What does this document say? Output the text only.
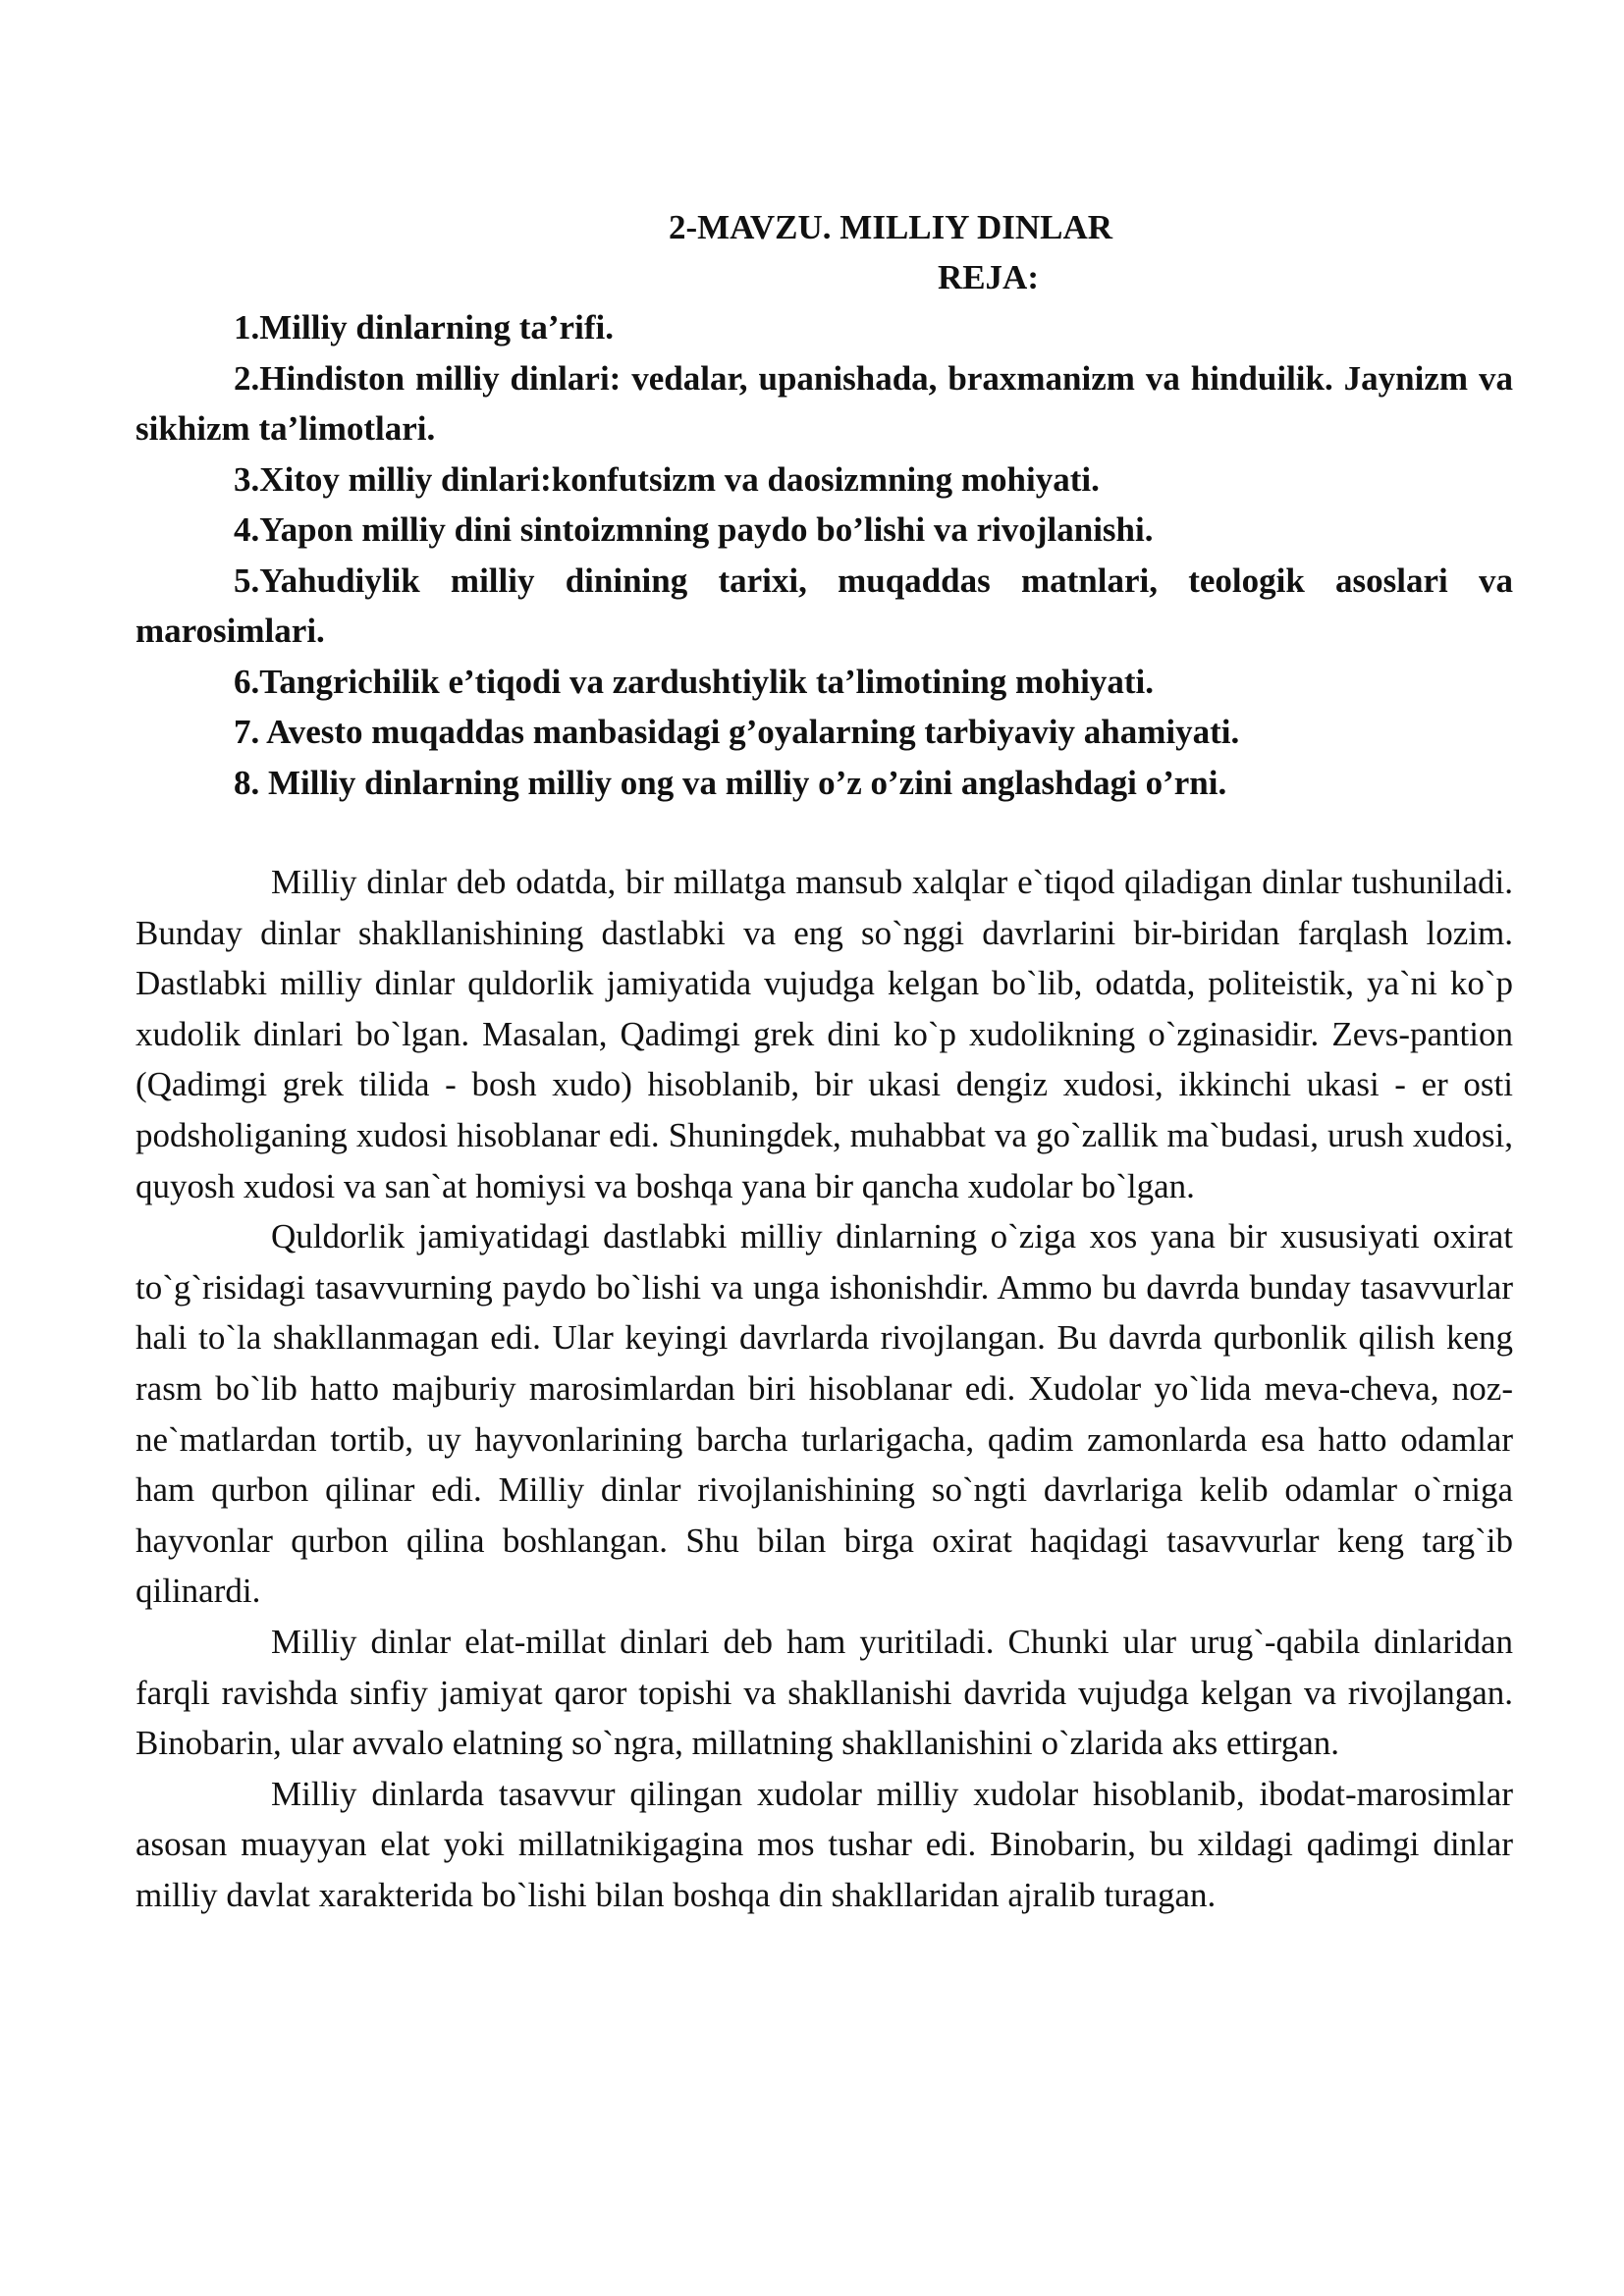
2-MAVZU. MILLIY DINLAR
REJA:
1.Milliy dinlarning ta’rifi.
2.Hindiston milliy dinlari: vedalar, upanishada, braxmanizm va hinduilik. Jaynizm va sikhizm ta’limotlari.
3.Xitoy milliy dinlari:konfutsizm va daosizmning mohiyati.
4.Yapon milliy dini sintoizmning paydo bo’lishi va rivojlanishi.
5.Yahudiylik milliy dinining tarixi, muqaddas matnlari, teologik asoslari va marosimlari.
6.Tangrichilik e’tiqodi va zardushtiylik ta’limotining mohiyati.
7. Avesto muqaddas manbasidagi g’oyalarning tarbiyaviy ahamiyati.
8. Milliy dinlarning milliy ong va milliy o’z o’zini anglashdagi o’rni.

Milliy dinlar deb odatda, bir millatga mansub xalqlar e`tiqod qiladigan dinlar tushuniladi. Bunday dinlar shakllanishining dastlabki va eng so`nggi davrlarini bir-biridan farqlash lozim. Dastlabki milliy dinlar quldorlik jamiyatida vujudga kelgan bo`lib, odatda, politeistik, ya`ni ko`p xudolik dinlari bo`lgan. Masalan, Qadimgi grek dini ko`p xudolikning o`zginasidir. Zevs-pantion (Qadimgi grek tilida - bosh xudo) hisoblanib, bir ukasi dengiz xudosi, ikkinchi ukasi - er osti podsholiganing xudosi hisoblanar edi. Shuningdek, muhabbat va go`zallik ma`budasi, urush xudosi, quyosh xudosi va san`at homiysi va boshqa yana bir qancha xudolar bo`lgan.

Quldorlik jamiyatidagi dastlabki milliy dinlarning o`ziga xos yana bir xususiyati oxirat to`g`risidagi tasavvurning paydo bo`lishi va unga ishonishdir. Ammo bu davrda bunday tasavvurlar hali to`la shakllanmagan edi. Ular keyingi davrlarda rivojlangan. Bu davrda qurbonlik qilish keng rasm bo`lib hatto majburiy marosimlardan biri hisoblanar edi. Xudolar yo`lida meva-cheva, noz-ne`matlardan tortib, uy hayvonlarining barcha turlarigacha, qadim zamonlarda esa hatto odamlar ham qurbon qilinar edi. Milliy dinlar rivojlanishining so`ngti davrlariga kelib odamlar o`rniga hayvonlar qurbon qilina boshlangan. Shu bilan birga oxirat haqidagi tasavvurlar keng targ`ib qilinardi.

Milliy dinlar elat-millat dinlari deb ham yuritiladi. Chunki ular urug`-qabila dinlaridan farqli ravishda sinfiy jamiyat qaror topishi va shakllanishi davrida vujudga kelgan va rivojlangan. Binobarin, ular avvalo elatning so`ngra, millatning shakllanishini o`zlarida aks ettirgan.

Milliy dinlarda tasavvur qilingan xudolar milliy xudolar hisoblanib, ibodat-marosimlar asosan muayyan elat yoki millatnikigagina mos tushar edi. Binobarin, bu xildagi qadimgi dinlar milliy davlat xarakterida bo`lishi bilan boshqa din shakllaridan ajralib turagan.
